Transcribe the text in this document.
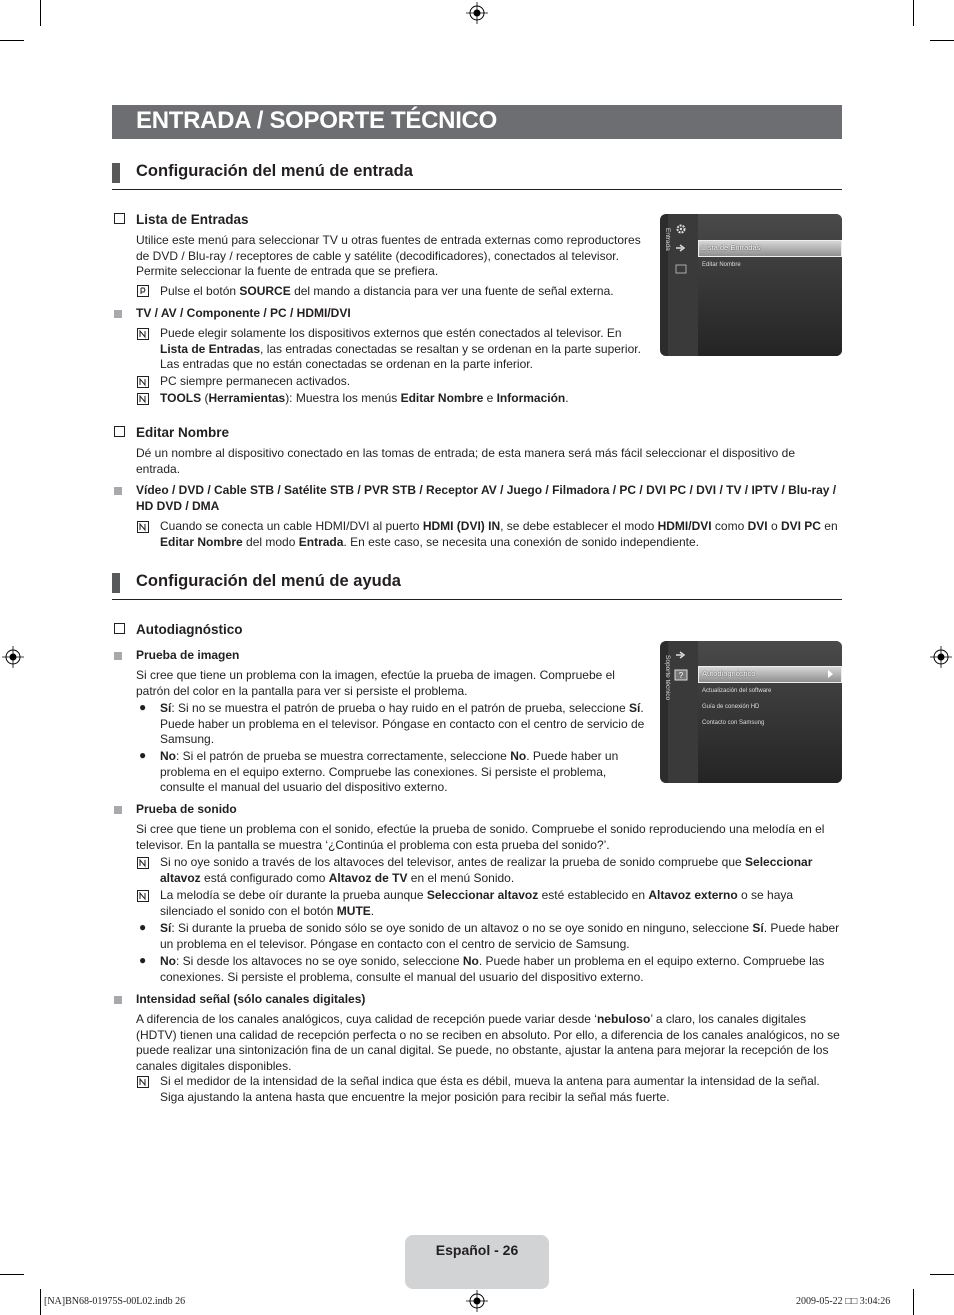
ENTRADA / SOPORTE TÉCNICO
Configuración del menú de entrada
Lista de Entradas
Utilice este menú para seleccionar TV u otras fuentes de entrada externas como reproductores de DVD / Blu-ray / receptores de cable y satélite (decodificadores), conectados al televisor. Permite seleccionar la fuente de entrada que se prefiera.
Pulse el botón SOURCE del mando a distancia para ver una fuente de señal externa.
TV / AV / Componente / PC / HDMI/DVI
Puede elegir solamente los dispositivos externos que estén conectados al televisor. En Lista de Entradas, las entradas conectadas se resaltan y se ordenan en la parte superior. Las entradas que no están conectadas se ordenan en la parte inferior.
PC siempre permanecen activados.
TOOLS (Herramientas): Muestra los menús Editar Nombre e Información.
Entrada	Lista de Entradas
Editar Nombre
Editar Nombre
Dé un nombre al dispositivo conectado en las tomas de entrada; de esta manera será más fácil seleccionar el dispositivo de entrada.
Vídeo / DVD / Cable STB / Satélite STB / PVR STB / Receptor AV / Juego / Filmadora / PC / DVI PC / DVI / TV / IPTV / Blu-ray / HD DVD / DMA
Cuando se conecta un cable HDMI/DVI al puerto HDMI (DVI) IN, se debe establecer el modo HDMI/DVI como DVI o DVI PC en Editar Nombre del modo Entrada. En este caso, se necesita una conexión de sonido independiente.
Configuración del menú de ayuda
Autodiagnóstico
Prueba de imagen
Si cree que tiene un problema con la imagen, efectúe la prueba de imagen. Compruebe el patrón del color en la pantalla para ver si persiste el problema.
● Sí: Si no se muestra el patrón de prueba o hay ruido en el patrón de prueba, seleccione Sí. Puede haber un problema en el televisor. Póngase en contacto con el centro de servicio de Samsung.
● No: Si el patrón de prueba se muestra correctamente, seleccione No. Puede haber un problema en el equipo externo. Compruebe las conexiones. Si persiste el problema, consulte el manual del usuario del dispositivo externo.
Soporte técnico ?	Autodiagnóstico
Actualización del software
Guía de conexión HD
Contacto con Samsung
Prueba de sonido
Si cree que tiene un problema con el sonido, efectúe la prueba de sonido. Compruebe el sonido reproduciendo una melodía en el televisor. En la pantalla se muestra ‘¿Continúa el problema con esta prueba del sonido?’.
Si no oye sonido a través de los altavoces del televisor, antes de realizar la prueba de sonido compruebe que Seleccionar altavoz está configurado como Altavoz de TV en el menú Sonido.
La melodía se debe oír durante la prueba aunque Seleccionar altavoz esté establecido en Altavoz externo o se haya silenciado el sonido con el botón MUTE.
● Sí: Si durante la prueba de sonido sólo se oye sonido de un altavoz o no se oye sonido en ninguno, seleccione Sí. Puede haber un problema en el televisor. Póngase en contacto con el centro de servicio de Samsung.
● No: Si desde los altavoces no se oye sonido, seleccione No. Puede haber un problema en el equipo externo. Compruebe las conexiones. Si persiste el problema, consulte el manual del usuario del dispositivo externo.
Intensidad señal (sólo canales digitales)
A diferencia de los canales analógicos, cuya calidad de recepción puede variar desde ‘nebuloso’ a claro, los canales digitales (HDTV) tienen una calidad de recepción perfecta o no se reciben en absoluto. Por ello, a diferencia de los canales analógicos, no se puede realizar una sintonización fina de un canal digital. Se puede, no obstante, ajustar la antena para mejorar la recepción de los canales digitales disponibles.
Si el medidor de la intensidad de la señal indica que ésta es débil, mueva la antena para aumentar la intensidad de la señal. Siga ajustando la antena hasta que encuentre la mejor posición para recibir la señal más fuerte.
Español - 26
[NA]BN68-01975S-00L02.indb 26	2009-05-22 □□ 3:04:26
